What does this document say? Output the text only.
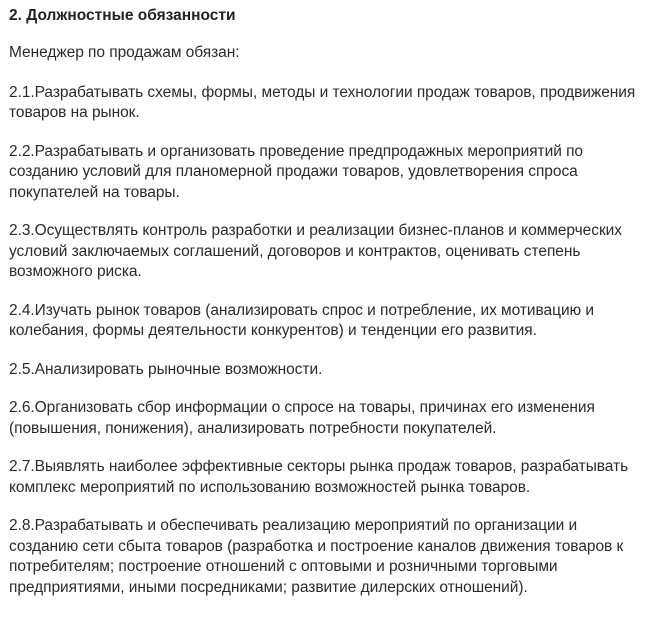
2. Должностные обязанности
Менеджер по продажам обязан:
2.1.Разрабатывать схемы, формы, методы и технологии продаж товаров, продвижения товаров на рынок.
2.2.Разрабатывать и организовать проведение предпродажных мероприятий по созданию условий для планомерной продажи товаров, удовлетворения спроса покупателей на товары.
2.3.Осуществлять контроль разработки и реализации бизнес-планов и коммерческих условий заключаемых соглашений, договоров и контрактов, оценивать степень возможного риска.
2.4.Изучать рынок товаров (анализировать спрос и потребление, их мотивацию и колебания, формы деятельности конкурентов) и тенденции его развития.
2.5.Анализировать рыночные возможности.
2.6.Организовать сбор информации о спросе на товары, причинах его изменения (повышения, понижения), анализировать потребности покупателей.
2.7.Выявлять наиболее эффективные секторы рынка продаж товаров, разрабатывать комплекс мероприятий по использованию возможностей рынка товаров.
2.8.Разрабатывать и обеспечивать реализацию мероприятий по организации и созданию сети сбыта товаров (разработка и построение каналов движения товаров к потребителям; построение отношений с оптовыми и розничными торговыми предприятиями, иными посредниками; развитие дилерских отношений).
